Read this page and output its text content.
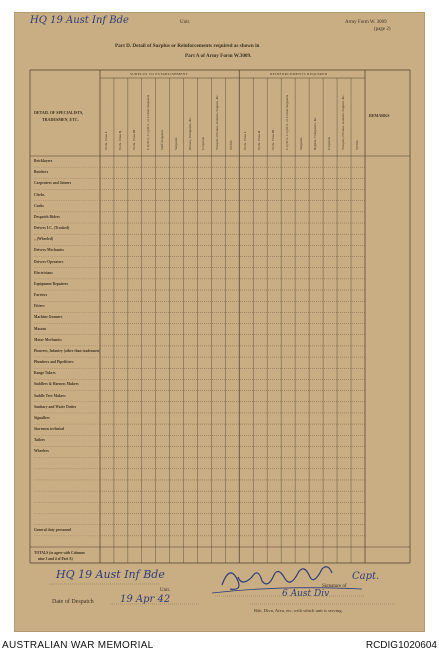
HQ 19 Aust Inf Bde	Unit.	Army Form W. 3009
(page 2)
Part D. Detail of Surplus or Reinforcements required as shown in
Part A of Army Form W.3009.
SURPLUS TO ESTABLISHMENT	REINFORCEMENTS REQUIRED
DETAIL OF SPECIALISTS,
TRADESMEN, ETC.
REMARKS
W.Os. Class I.	W.Os. Class II.	W.Os. Class III.	C.Q.M.S., C.Q.M.S., or Colour-Sergeants	Staff-Sergeants	Sergeants	Drivers, Trumpeters, &c.	Corporals	Troopers, Privates, Gunners, Sappers, &c.	TOTAL	W.Os. Class I.	W.Os. Class II.	W.Os. Class III.	C.Q.M.S., C.Q.M.S., or Colour-Sergeants	Sergeants	Buglers, Trumpeters, &c.	Corporals	Troopers, Privates, Gunners, Sappers, &c.	TOTAL
Bricklayers
Butchers
Carpenters and Joiners
Clerks
Cooks
Despatch Riders
Drivers I.C. (Tracked)
„ (Wheeled)
Drivers-Mechanics
Drivers-Operators
Electricians
Equipment Repairers
Farriers
Fitters
Machine Gunners
Masons
Motor Mechanics
Pioneers, Infantry (other than tradesmen)
Plumbers and Pipefitters
Range Takers
Saddlers & Harness Makers
Saddle Tree Makers
Sanitary and Water Duties
Signallers
Storemen technical
Tailors
Wheelers
General duty personnel
TOTALS (to agree with Columns
nine 3 and 4 of Part A)
HQ 19 Aust Inf Bde
Unit.
Date of Despatch	19 Apr 42
Signature of
6 Aust Div
Bde, Divn, Area, etc, with which unit is serving.
Capt.
AUSTRALIAN WAR MEMORIAL	RCDIG1020604
